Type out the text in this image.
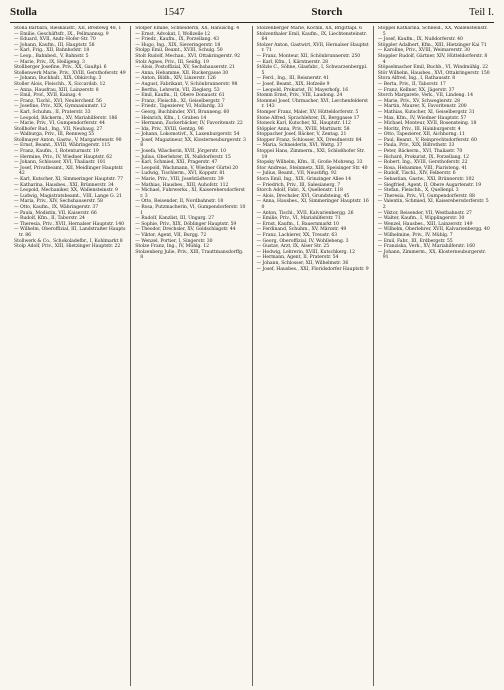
Stolla	1547	Storch	Teil I.
Stolla Barbara, Rieskaustr., XII, Breitewg 48, 1
— Emilie, Geschäftsfr., IX., Pellmannsg. 9
— Eduard, XVII, Andr.-Hofer-Str. 70
— Johann, Kaufm., III, Hauptstr. 58
— Karl, Frig., XII, Bahnhofstr. 18
— Leop., Bahnbed., V, Bahnstr. 5
— Marie, Priv., IX, Heiligeng. 3
Stollberger Josefine, Priv., XX, Gaußpl. 6
Stollenwerk Marie, Priv., XVIII, Gersthoferstr. 49
— Johann, Buchhalt., XIX, Obkirchg. 3
Stoller Alois, Fleischh., X, Siccardsb. 12
— Anna, Hausfrau, XIII, Lainzerstr. 8
— Emil, Prof., XVII, Kainzg. 4
— Franz, Tischl., XVI, Neulerchenf. 56
— Josefine, Priv., XIX, Gymnasiumstr. 12
— Karl, Schuhm., II, Praterstr. 33
— Leopold, Bäckerm., XV, Mariahilferstr. 186
— Marie, Priv., VI, Gumpendorferstr. 44
Stollhofer Rud., Ing., VII, Neubaug. 27
— Walburga, Priv., III, Rennweg 55
Stollmayer Anton, Gastw., V, Margaretenstr. 90
— Ernst, Beamt., XVIII, Währingerstr. 115
— Franz, Kaufm., I, Rotenturmstr. 19
— Hermine, Priv., IV, Wiedner Hauptstr. 62
— Johann, Schlosser, XVI, Thaliastr. 101
— Josef, Privatbeamt., XII, Meidlinger Hauptstr. 42
— Karl, Kutscher, XI, Simmeringer Hauptstr. 77
— Katharina, Hausbes., XXI, Brünnerstr. 34
— Leopold, Mechaniker, XX, Wallensteinstr. 9
— Ludwig, Magistratsbeamt., VIII, Lange G. 21
— Maria, Priv., XIV, Sechshauserstr. 58
— Otto, Kaufm., IX, Währingerstr. 37
— Paula, Modistin, VII, Kaiserstr. 66
— Rudolf, Kfm., II, Taborstr. 24
— Theresia, Priv., XVII, Hernalser Hauptstr. 140
— Wilhelm, Oberoffizial, III, Landstraßer Hauptstr. 86
Stollwerk & Co., Schokoladefbr., I, Kohlmarkt 8
Stolp Adolf, Priv., XIII, Hietzinger Hauptstr. 22
Stolper Emilie, Schneiderin, XX, Hanuschg. 4
— Ernst, Advokat, I, Wollzeile 12
— Friedr., Kaufm., IX, Porzellang. 43
— Hugo, Ing., XIX, Sieveringerstr. 18
Stolpp Emil, Beamt., XVIII, Schulg. 50
Stolt Rudolf, Mechan., XVI, Ottakringerstr. 92
Stolz Agnes, Priv., III, Seidlg. 19
— Alois, Postoffizial, XV, Sechshauserstr. 21
— Anna, Hebamme, XII, Ruckergasse 30
— Anton, Bildh., XIV, Linzerstr. 126
— August, Fabrikant, V, Schönbrunnerstr. 98
— Bertha, Lehrerin, VII, Zieglerg. 53
— Emil, Kaufm., II, Obere Donaustr. 61
— Franz, Fleischh., XI, Geiselbergstr. 7
— Friedr., Tapezierer, VI, Mollardg. 33
— Georg, Buchbinder, XVI, Brunneng. 60
— Heinrich, Kfm., I, Graben 14
— Hermann, Zuckerbäcker, IV, Favoritenstr. 22
— Ida, Priv., XVIII, Gentzg. 96
— Johann, Lokomotivf., X, Laxenburgerstr. 54
— Josef, Magazineur, XX, Klosterneuburgerstr. 38
— Josefa, Wäscherin, XVII, Jörgerstr. 10
— Julius, Oberlehrer, IX, Nußdorferstr. 15
— Karl, Schmied, XXI, Pragerstr. 47
— Leopold, Wachmann, V, Wiedner Gürtel 20
— Ludwig, Tischlerm., XVI, Koppstr. 81
— Marie, Priv., VIII, Josefstädterstr. 39
— Mathias, Hausbes., XIII, Auhofstr. 112
— Michael, Fuhrwerks., XI, Kaiserebersdorferstr. 3
— Otto, Reisender, II, Nordbahnstr. 18
— Rosa, Putzmacherin, VI, Gumpendorferstr. 101
— Rudolf, Kanzlist, III, Ungarg. 27
— Sophie, Priv., XIX, Döblinger Hauptstr. 59
— Theodor, Drechsler, XV, Goldschlagstr. 44
— Viktor, Agent, VII, Burgg. 72
— Wenzel, Portier, I, Singerstr. 30
Stolze Franz, Ing., IV, Mühlg. 12
Stolzenberg Julie, Priv., XIII, Trauttmansdorffg. 8
Stolzenberger Marie, Köchin, XX, Brigittapl. 6
Stolzenthaler Emil, Kaufm., IX, Liechtensteinstr. 64
Stolzer Anton, Gastwirt, XVII, Hernalser Hauptstr. 71
— Franz, Monteur, XII, Schönbrunnerstr. 250
— Karl, Kfm., I, Kärntnerstr. 28
Stölzle C., Söhne, Glasfabr., I, Schwarzenbergpl. 5
— Ferd., Ing., III, Reisnerstr. 41
— Josef, Beamt., XIX, Hofzeile 9
— Leopold, Prokurist, IV, Mayerhofg. 16
Stomm Ernst, Priv., VIII, Laudong. 24
Stommel Josef, Uhrmacher, XVI, Lerchenfelderstr. 143
Stomper Franz, Maler, XV, Hütteldorferstr. 5
Stone Alfred, Sprachlehrer, IX, Berggasse 17
Stoneck Karl, Kutscher, XI, Hauptstr. 112
Stöppler Anna, Priv., XVIII, Martinstr. 58
Stoppacher Josef, Bäcker, V, Zentag. 21
Stopper Franz, Schlosser, XX, Dresdnerstr. 84
— Maria, Schneiderin, XVI, Wattg. 37
Stoppel Hans, Zimmerm., XXI, Schloßhofer Str. 19
Stopsky Wilhelm, Kfm., II, Große Mohreng. 33
Stor Andreas, Steinmetz, XIII, Speisinger Str. 40
— Julius, Beamt., VII, Neustiftg. 92
Stora Emil, Ing., XIX, Grinzinger Allee 14
— Friedrich, Priv., III, Salesianerg. 7
Storch Adolf, Fabr., X, Quellenstr. 118
— Alois, Drechsler, XVI, Grundsteing. 45
— Anna, Hausbes., XI, Simmeringer Hauptstr. 160
— Anton, Tischl., XVII, Kalvarienbergg. 26
— Emilie, Priv., VI, Mariahilferstr. 71
— Ernst, Kaufm., I, Bauernmarkt 10
— Ferdinand, Schuhm., XV, Märzstr. 49
— Franz, Lackierer, XX, Treustr. 63
— Georg, Oberoffizial, IV, Wohllebeng. 3
— Gustav, Arzt, IX, Alser Str. 25
— Hedwig, Lehrerin, XVIII, Kutschkerg. 12
— Hermann, Agent, II, Praterstr. 54
— Johann, Schlosser, XII, Wilhelmstr. 36
— Josef, Hausbes., XXI, Floridsdorfer Hauptstr. 9
Stöppel Katharina, Schneid., XX, Wallensteinstr. 5
— Josef, Kaufm., IX, Nußdorferstr. 40
Stöppler Adalbert, Kfm., XIII, Hietzinger Kai 71
— Karoline, Priv., XVIII, Weimarerstr. 30
Stoppler Rudolf, Gärtner, XIV, Hütteldorferstr. 84
Stöpselmacher Emil, Buchb., VI, Windmühlg. 22
Stör Wilhelm, Hausbes., XVI, Ottakringerstr. 150
Stora Alfred, Ing., I, Rathausstr. 8
— Berta, Priv., II, Taborstr. 17
— Franz, Kellner, XX, Jägerstr. 37
Storch Margarete, Verk., VII, Lindeng. 14
— Marie, Priv., XV, Schweglerstr. 28
— Martin, Maurer, X, Favoritenstr. 200
— Mathias, Kutscher, XI, Geiselbergstr. 31
— Max, Kfm., IV, Wiedner Hauptstr. 57
— Michael, Monteur, XVII, Rosensteing. 18
— Moritz, Priv., III, Hainburgerstr. 4
— Otto, Tapezierer, XII, Aichhorng. 11
— Paul, Beamt., V, Reinprechtsdorferstr. 60
— Paula, Priv., XIX, Billrothstr. 33
— Peter, Bäckerm., XVI, Thaliastr. 70
— Richard, Prokurist, IX, Porzellang. 12
— Robert, Ing., XVIII, Gersthoferstr. 22
— Rosa, Hebamme, VIII, Piaristeng. 41
— Rudolf, Tischl., XIV, Felberstr. 6
— Sebastian, Gastw., XXI, Brünnerstr. 102
— Siegfried, Agent, II, Obere Augartenstr. 19
— Stefan, Fleischh., X, Quellenpl. 3
— Theresia, Priv., VI, Gumpendorferstr. 88
— Valentin, Schmied, XI, Kaiserebersdorferstr. 52
— Viktor, Reisender, VII, Westbahnstr. 27
— Walter, Kaufm., I, Wipplingerstr. 30
— Wenzel, Hausbes., XIII, Lainzerstr. 149
— Wilhelm, Oberlehrer, XVII, Kalvarienbergg. 40
— Wilhelmine, Priv., IV, Mühlg. 7
— Emil, Fabr., III, Erdbergstr. 55
— Franziska, Verk., XV, Mariahilferstr. 160
— Johann, Zimmerm., XX, Klosterneuburgerstr. 91
